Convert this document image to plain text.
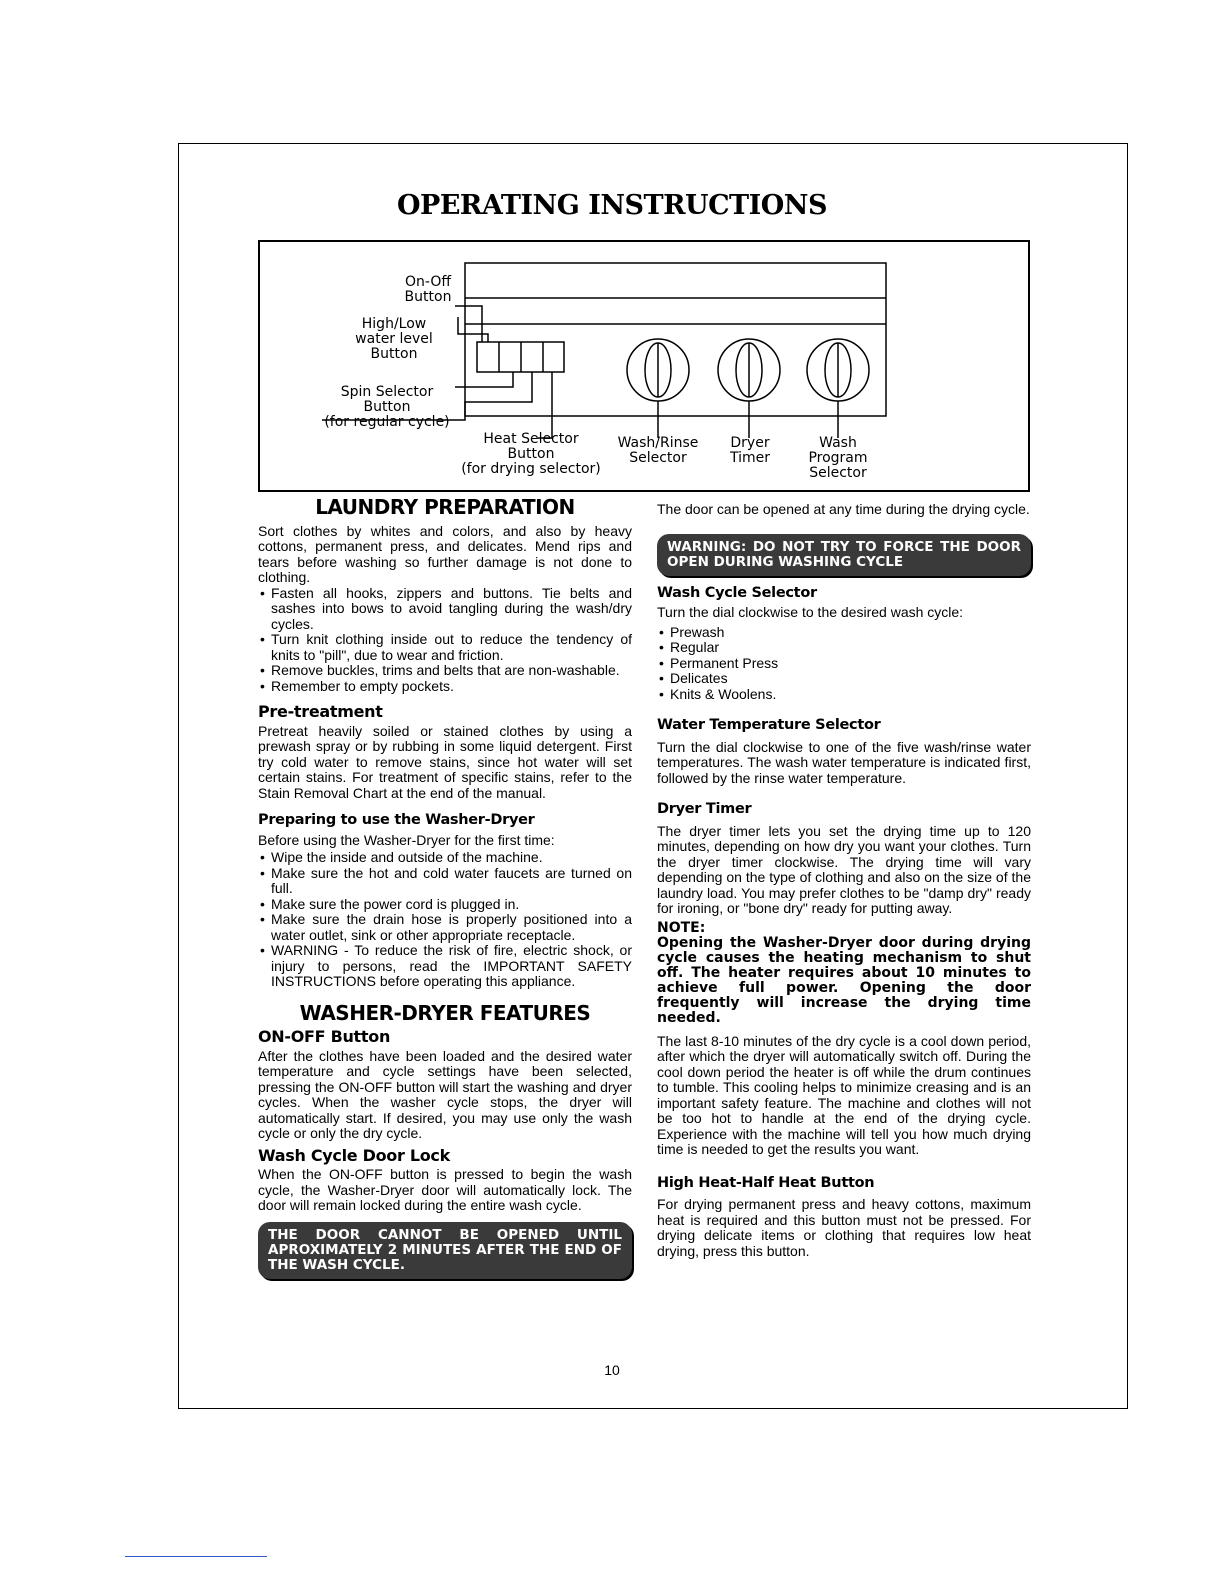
OPERATING INSTRUCTIONS
On-Off
Button
High/Low
water level
Button
Spin Selector
Button
(for regular cycle)
Heat Selector
Button
(for drying selector)
Wash/Rinse
Selector
Dryer
Timer
Wash
Program
Selector

LAUNDRY PREPARATION

Sort clothes by whites and colors, and also by heavy cottons, permanent press, and delicates. Mend rips and tears before washing so further damage is not done to clothing.

• Fasten all hooks, zippers and buttons. Tie belts and sashes into bows to avoid tangling during the wash/dry cycles.
• Turn knit clothing inside out to reduce the tendency of knits to "pill", due to wear and friction.
• Remove buckles, trims and belts that are non-washable.
• Remember to empty pockets.

Pre-treatment

Pretreat heavily soiled or stained clothes by using a prewash spray or by rubbing in some liquid detergent. First try cold water to remove stains, since hot water will set certain stains. For treatment of specific stains, refer to the Stain Removal Chart at the end of the manual.

Preparing to use the Washer-Dryer

Before using the Washer-Dryer for the first time:

• Wipe the inside and outside of the machine.
• Make sure the hot and cold water faucets are turned on full.
• Make sure the power cord is plugged in.
• Make sure the drain hose is properly positioned into a water outlet, sink or other appropriate receptacle.
• WARNING - To reduce the risk of fire, electric shock, or injury to persons, read the IMPORTANT SAFETY INSTRUCTIONS before operating this appliance.

WASHER-DRYER FEATURES

ON-OFF Button

After the clothes have been loaded and the desired water temperature and cycle settings have been selected, pressing the ON-OFF button will start the washing and dryer cycles. When the washer cycle stops, the dryer will automatically start. If desired, you may use only the wash cycle or only the dry cycle.

Wash Cycle Door Lock

When the ON-OFF button is pressed to begin the wash cycle, the Washer-Dryer door will automatically lock. The door will remain locked during the entire wash cycle.

THE DOOR CANNOT BE OPENED UNTIL APROXIMATELY 2 MINUTES AFTER THE END OF THE WASH CYCLE.

The door can be opened at any time during the drying cycle.

WARNING: DO NOT TRY TO FORCE THE DOOR OPEN DURING WASHING CYCLE

Wash Cycle Selector

Turn the dial clockwise to the desired wash cycle:

• Prewash
• Regular
• Permanent Press
• Delicates
• Knits & Woolens.

Water Temperature Selector

Turn the dial clockwise to one of the five wash/rinse water temperatures. The wash water temperature is indicated first, followed by the rinse water temperature.

Dryer Timer

The dryer timer lets you set the drying time up to 120 minutes, depending on how dry you want your clothes. Turn the dryer timer clockwise. The drying time will vary depending on the type of clothing and also on the size of the laundry load. You may prefer clothes to be "damp dry" ready for ironing, or "bone dry" ready for putting away.

NOTE:

Opening the Washer-Dryer door during drying cycle causes the heating mechanism to shut off. The heater requires about 10 minutes to achieve full power. Opening the door frequently will increase the drying time needed.

The last 8-10 minutes of the dry cycle is a cool down period, after which the dryer will automatically switch off. During the cool down period the heater is off while the drum continues to tumble. This cooling helps to minimize creasing and is an important safety feature. The machine and clothes will not be too hot to handle at the end of the drying cycle. Experience with the machine will tell you how much drying time is needed to get the results you want.

High Heat-Half Heat Button

For drying permanent press and heavy cottons, maximum heat is required and this button must not be pressed. For drying delicate items or clothing that requires low heat drying, press this button.

10
